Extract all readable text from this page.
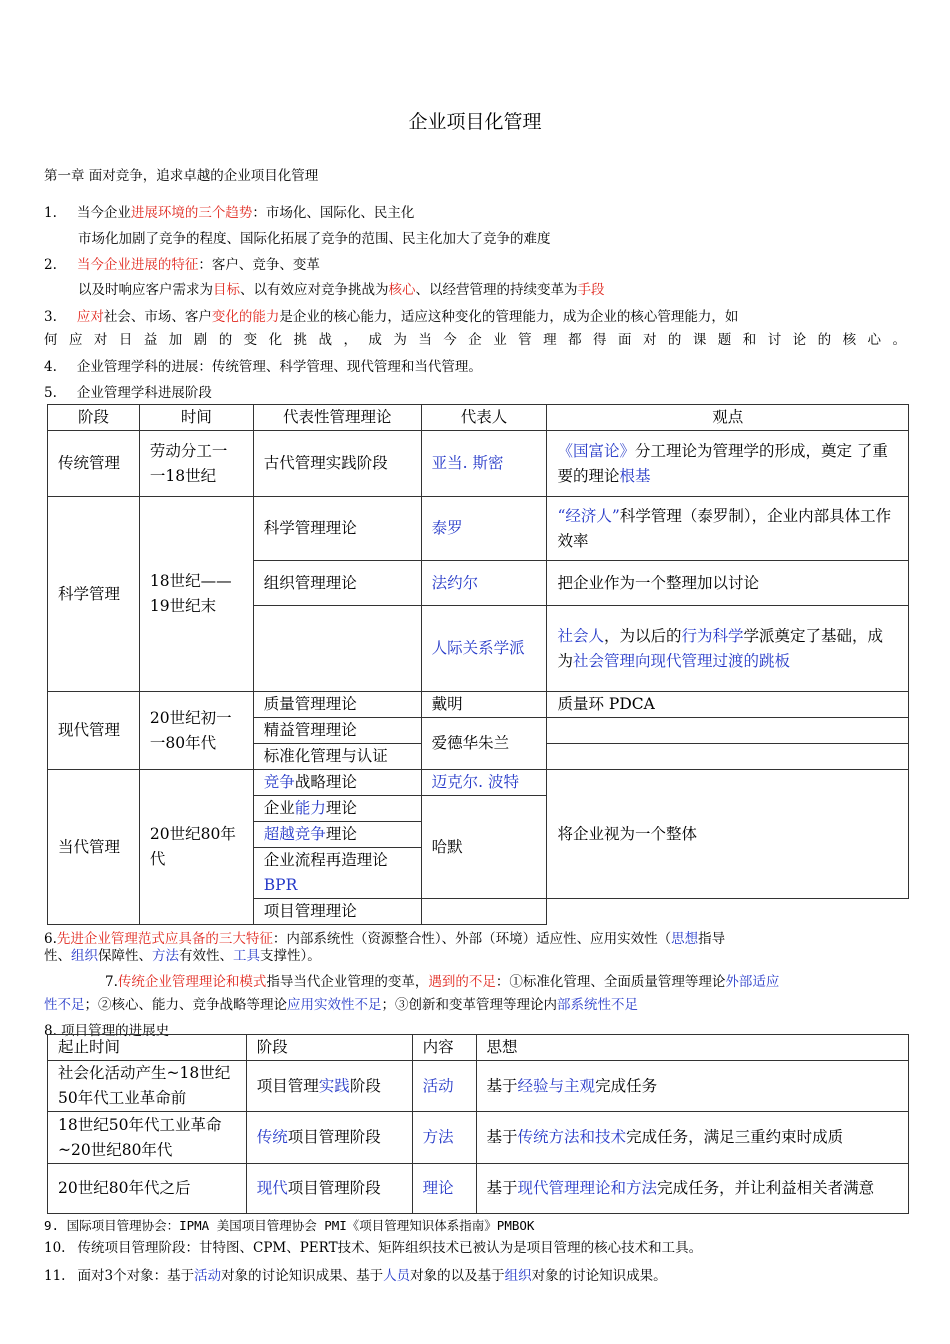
企业项目化管理
第一章 面对竞争，追求卓越的企业项目化管理
1. 当今企业进展环境的三个趋势：市场化、国际化、民主化
市场化加剧了竞争的程度、国际化拓展了竞争的范围、民主化加大了竞争的难度
2. 当今企业进展的特征：客户、竞争、变革
以及时响应客户需求为目标、以有效应对竞争挑战为核心、以经营管理的持续变革为手段
3. 应对社会、市场、客户变化的能力是企业的核心能力，适应这种变化的管理能力，成为企业的核心管理能力，如
何应对日益加剧的变化挑战，成为当今企业管理都得面对的课题和讨论的核心。
4. 企业管理学科的进展：传统管理、科学管理、现代管理和当代管理。
5. 企业管理学科进展阶段
阶段	时间	代表性管理理论	代表人	观点
传统管理	劳动分工一一18世纪	古代管理实践阶段	亚当. 斯密	《国富论》分工理论为管理学的形成，奠定 了重要的理论根基
科学管理	18世纪——19世纪末	科学管理理论	泰罗	“经济人”科学管理（泰罗制），企业内部具体工作效率
		组织管理理论	法约尔	把企业作为一个整理加以讨论
			人际关系学派	社会人，为以后的行为科学学派奠定了基础，成为社会管理向现代管理过渡的跳板
现代管理	20世纪初一一80年代	质量管理理论	戴明	质量环 PDCA
		精益管理理论	爱德华朱兰	
		标准化管理与认证		
当代管理	20世纪80年代	竞争战略理论	迈克尔. 波特	将企业视为一个整体
		企业能力理论	哈默	
		超越竞争理论		
		企业流程再造理论
BPR		
		项目管理理论		
6.先进企业管理范式应具备的三大特征：内部系统性（资源整合性）、外部（环境）适应性、应用实效性（思想指导
性、组织保障性、方法有效性、工具支撑性）。
7.传统企业管理理论和模式指导当代企业管理的变革，遇到的不足：①标准化管理、全面质量管理等理论外部适应
性不足；②核心、能力、竞争战略等理论应用实效性不足；③创新和变革管理等理论内部系统性不足
8. 项目管理的进展史
起止时间	阶段	内容	思想
社会化活动产生~18世纪50年代工业革命前	项目管理实践阶段	活动	基于经验与主观完成任务
18世纪50年代工业革命~20世纪80年代	传统项目管理阶段	方法	基于传统方法和技术完成任务，满足三重约束时成质
20世纪80年代之后	现代项目管理阶段	理论	基于现代管理理论和方法完成任务，并让利益相关者满意
9. 国际项目管理协会：IPMA 美国项目管理协会 PMI《项目管理知识体系指南》PMBOK
10. 传统项目管理阶段：甘特图、CPM、PERT技术、矩阵组织技术已被认为是项目管理的核心技术和工具。
11. 面对3个对象：基于活动对象的讨论知识成果、基于人员对象的以及基于组织对象的讨论知识成果。
